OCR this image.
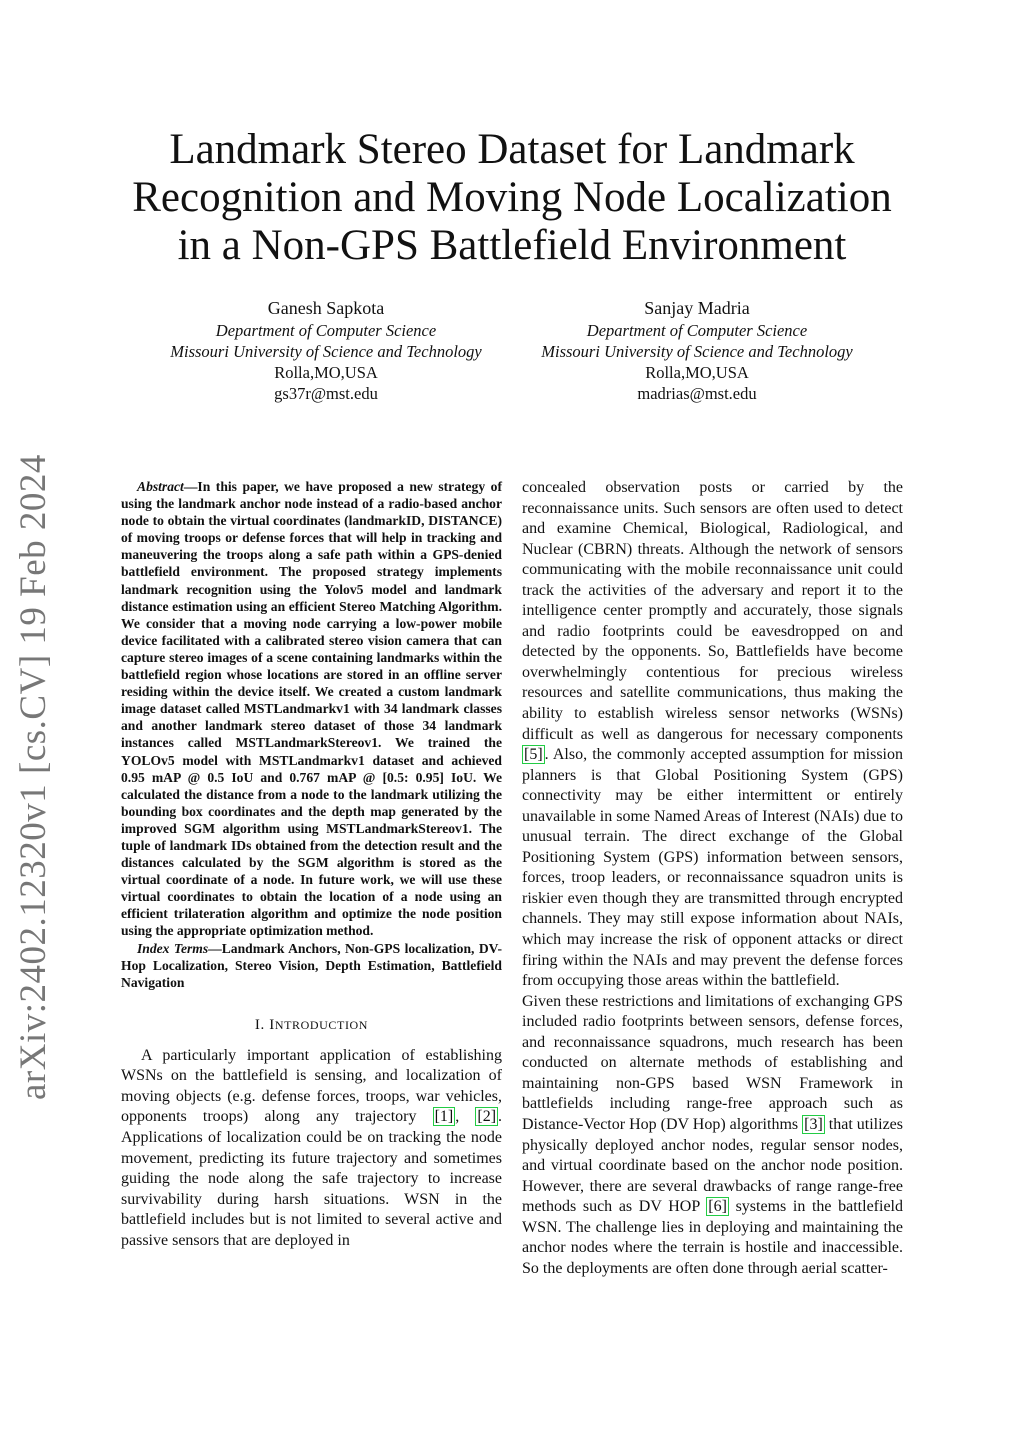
arXiv:2402.12320v1 [cs.CV] 19 Feb 2024
Landmark Stereo Dataset for Landmark
Recognition and Moving Node Localization
in a Non-GPS Battlefield Environment
Ganesh Sapkota
Department of Computer Science
Missouri University of Science and Technology
Rolla,MO,USA
gs37r@mst.edu
Sanjay Madria
Department of Computer Science
Missouri University of Science and Technology
Rolla,MO,USA
madrias@mst.edu

Abstract—In this paper, we have proposed a new strategy of using the landmark anchor node instead of a radio-based anchor node to obtain the virtual coordinates (landmarkID, DISTANCE) of moving troops or defense forces that will help in tracking and maneuvering the troops along a safe path within a GPS-denied battlefield environment. The proposed strategy implements landmark recognition using the Yolov5 model and landmark distance estimation using an efficient Stereo Matching Algorithm. We consider that a moving node carrying a low-power mobile device facilitated with a calibrated stereo vision camera that can capture stereo images of a scene containing landmarks within the battlefield region whose locations are stored in an offline server residing within the device itself. We created a custom landmark image dataset called MSTLandmarkv1 with 34 landmark classes and another landmark stereo dataset of those 34 landmark instances called MSTLandmarkStereov1. We trained the YOLOv5 model with MSTLandmarkv1 dataset and achieved 0.95 mAP @ 0.5 IoU and 0.767 mAP @ [0.5: 0.95] IoU. We calculated the distance from a node to the landmark utilizing the bounding box coordinates and the depth map generated by the improved SGM algorithm using MSTLandmarkStereov1. The tuple of landmark IDs obtained from the detection result and the distances calculated by the SGM algorithm is stored as the virtual coordinate of a node. In future work, we will use these virtual coordinates to obtain the location of a node using an efficient trilateration algorithm and optimize the node position using the appropriate optimization method.

Index Terms—Landmark Anchors, Non-GPS localization, DV-Hop Localization, Stereo Vision, Depth Estimation, Battlefield Navigation

I. INTRODUCTION

A particularly important application of establishing WSNs on the battlefield is sensing, and localization of moving objects (e.g. defense forces, troops, war vehicles, opponents troops) along any trajectory [1] , [2] . Applications of localization could be on tracking the node movement, predicting its future trajectory and sometimes guiding the node along the safe trajectory to increase survivability during harsh situations. WSN in the battlefield includes but is not limited to several active and passive sensors that are deployed in

concealed observation posts or carried by the reconnaissance units. Such sensors are often used to detect and examine Chemical, Biological, Radiological, and Nuclear (CBRN) threats. Although the network of sensors communicating with the mobile reconnaissance unit could track the activities of the adversary and report it to the intelligence center promptly and accurately, those signals and radio footprints could be eavesdropped on and detected by the opponents. So, Battlefields have become overwhelmingly contentious for precious wireless resources and satellite communications, thus making the ability to establish wireless sensor networks (WSNs) difficult as well as dangerous for necessary components [5] . Also, the commonly accepted assumption for mission planners is that Global Positioning System (GPS) connectivity may be either intermittent or entirely unavailable in some Named Areas of Interest (NAIs) due to unusual terrain. The direct exchange of the Global Positioning System (GPS) information between sensors, forces, troop leaders, or reconnaissance squadron units is riskier even though they are transmitted through encrypted channels. They may still expose information about NAIs, which may increase the risk of opponent attacks or direct firing within the NAIs and may prevent the defense forces from occupying those areas within the battlefield.

Given these restrictions and limitations of exchanging GPS included radio footprints between sensors, defense forces, and reconnaissance squadrons, much research has been conducted on alternate methods of establishing and maintaining non-GPS based WSN Framework in battlefields including range-free approach such as Distance-Vector Hop (DV Hop) algorithms [3] that utilizes physically deployed anchor nodes, regular sensor nodes, and virtual coordinate based on the anchor node position. However, there are several drawbacks of range range-free methods such as DV HOP [6] systems in the battlefield WSN. The challenge lies in deploying and maintaining the anchor nodes where the terrain is hostile and inaccessible. So the deployments are often done through aerial scatter-
